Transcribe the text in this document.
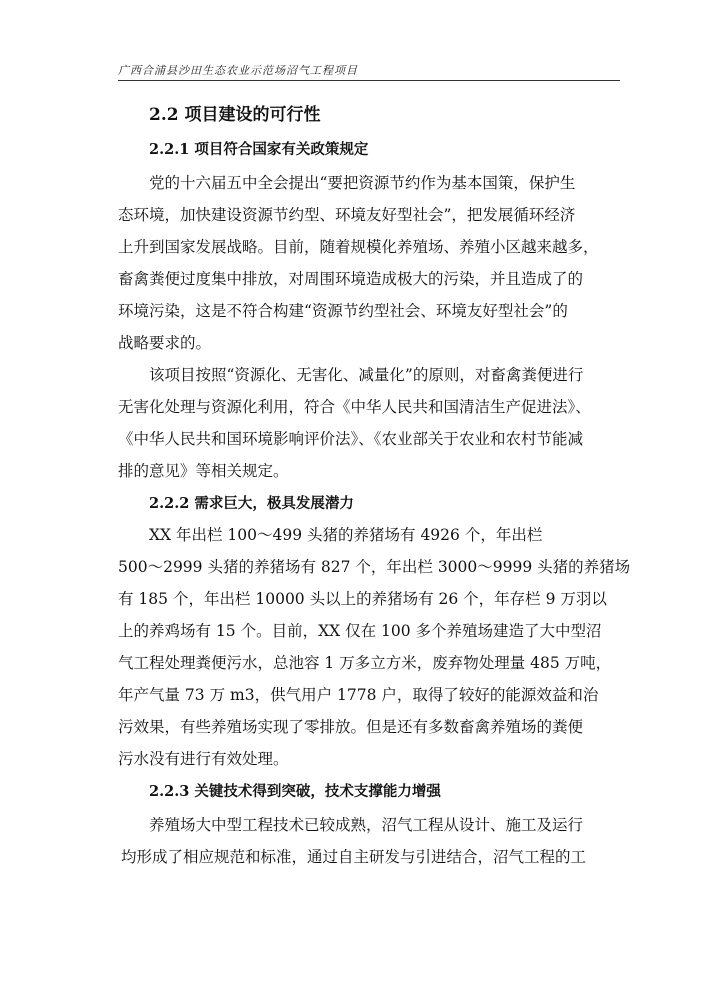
广西合浦县沙田生态农业示范场沼气工程项目
2.2 项目建设的可行性
2.2.1 项目符合国家有关政策规定
党的十六届五中全会提出“要把资源节约作为基本国策，保护生
态环境，加快建设资源节约型、环境友好型社会”，把发展循环经济
上升到国家发展战略。目前，随着规模化养殖场、养殖小区越来越多，
畜禽粪便过度集中排放，对周围环境造成极大的污染，并且造成了的
环境污染，这是不符合构建“资源节约型社会、环境友好型社会”的
战略要求的。
该项目按照“资源化、无害化、减量化”的原则，对畜禽粪便进行
无害化处理与资源化利用，符合《中华人民共和国清洁生产促进法》、
《中华人民共和国环境影响评价法》、《农业部关于农业和农村节能减
排的意见》等相关规定。
2.2.2 需求巨大，极具发展潜力
XX 年出栏 100～499 头猪的养猪场有 4926 个，年出栏
500～2999 头猪的养猪场有 827 个，年出栏 3000～9999 头猪的养猪场
有 185 个，年出栏 10000 头以上的养猪场有 26 个，年存栏 9 万羽以
上的养鸡场有 15 个。目前，XX 仅在 100 多个养殖场建造了大中型沼
气工程处理粪便污水，总池容 1 万多立方米，废弃物处理量 485 万吨，
年产气量 73 万 m3，供气用户 1778 户，取得了较好的能源效益和治
污效果，有些养殖场实现了零排放。但是还有多数畜禽养殖场的粪便
污水没有进行有效处理。
2.2.3 关键技术得到突破，技术支撑能力增强
养殖场大中型工程技术已较成熟，沼气工程从设计、施工及运行
均形成了相应规范和标准，通过自主研发与引进结合，沼气工程的工
